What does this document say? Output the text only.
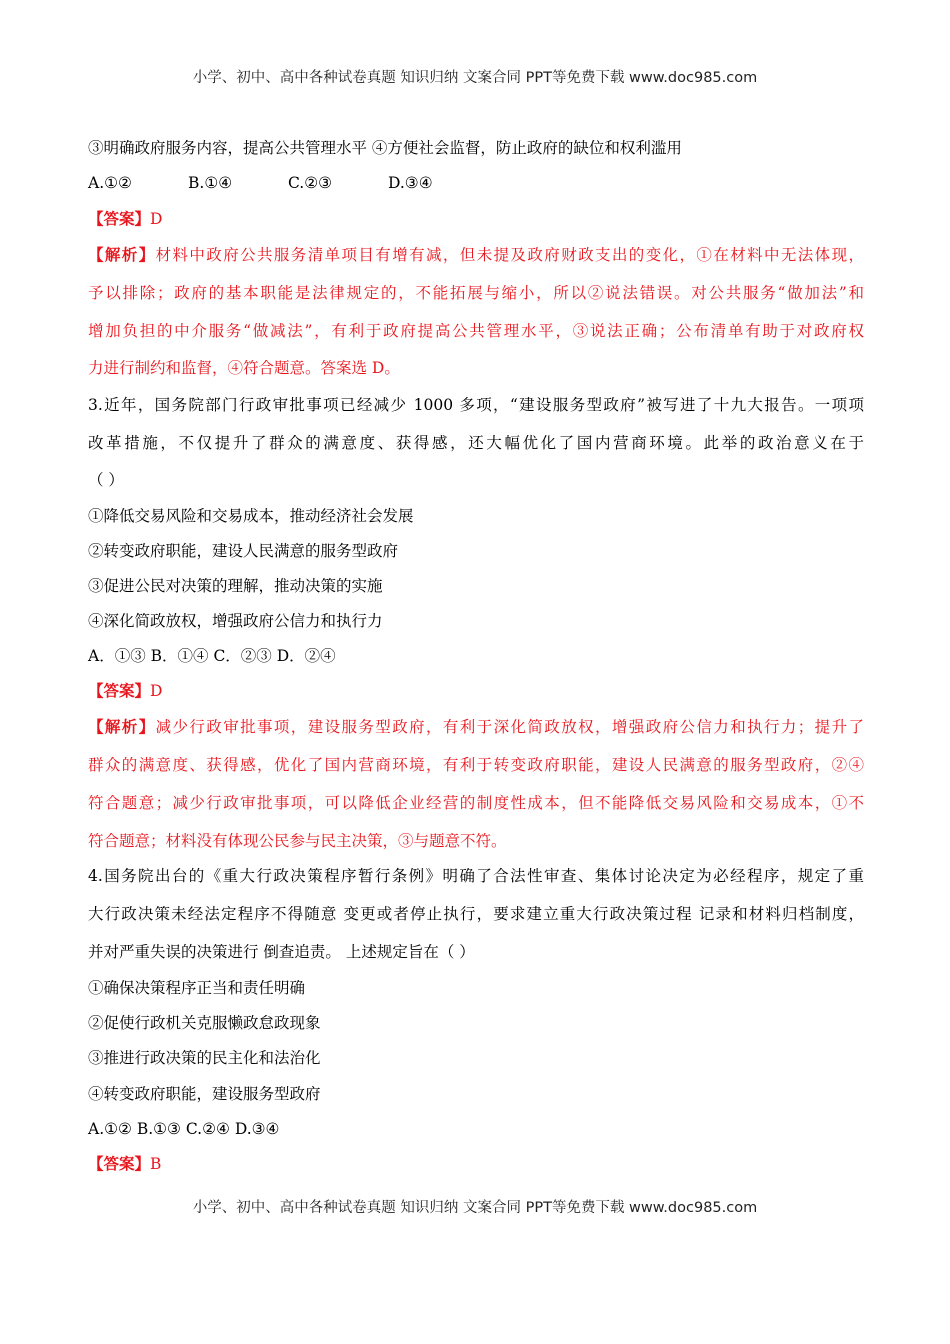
小学、初中、高中各种试卷真题 知识归纳 文案合同 PPT等免费下载 www.doc985.com
③明确政府服务内容，提高公共管理水平 ④方便社会监督，防止政府的缺位和权利滥用
A.①②	B.①④	C.②③	D.③④
【答案】D
【解析】材料中政府公共服务清单项目有增有减，但未提及政府财政支出的变化，①在材料中无法体现，
予以排除；政府的基本职能是法律规定的，不能拓展与缩小，所以②说法错误。对公共服务“做加法”和
增加负担的中介服务“做减法”，有利于政府提高公共管理水平，③说法正确；公布清单有助于对政府权
力进行制约和监督，④符合题意。答案选 D。
3.近年，国务院部门行政审批事项已经减少 1000 多项，“建设服务型政府”被写进了十九大报告。一项项
改革措施，不仅提升了群众的满意度、获得感，还大幅优化了国内营商环境。此举的政治意义在于
（ ）
①降低交易风险和交易成本，推动经济社会发展
②转变政府职能，建设人民满意的服务型政府
③促进公民对决策的理解，推动决策的实施
④深化简政放权，增强政府公信力和执行力
A．①③ B．①④ C．②③ D．②④
【答案】D
【解析】减少行政审批事项，建设服务型政府，有利于深化简政放权，增强政府公信力和执行力；提升了
群众的满意度、获得感，优化了国内营商环境，有利于转变政府职能，建设人民满意的服务型政府，②④
符合题意；减少行政审批事项，可以降低企业经营的制度性成本，但不能降低交易风险和交易成本，①不
符合题意；材料没有体现公民参与民主决策，③与题意不符。
4.国务院出台的《重大行政决策程序暂行条例》明确了合法性审查、集体讨论决定为必经程序，规定了重
大行政决策未经法定程序不得随意 变更或者停止执行，要求建立重大行政决策过程 记录和材料归档制度，
并对严重失误的决策进行 倒查追责。 上述规定旨在（ ）
①确保决策程序正当和责任明确
②促使行政机关克服懒政怠政现象
③推进行政决策的民主化和法治化
④转变政府职能，建设服务型政府
A.①② B.①③ C.②④ D.③④
【答案】B
小学、初中、高中各种试卷真题 知识归纳 文案合同 PPT等免费下载 www.doc985.com
